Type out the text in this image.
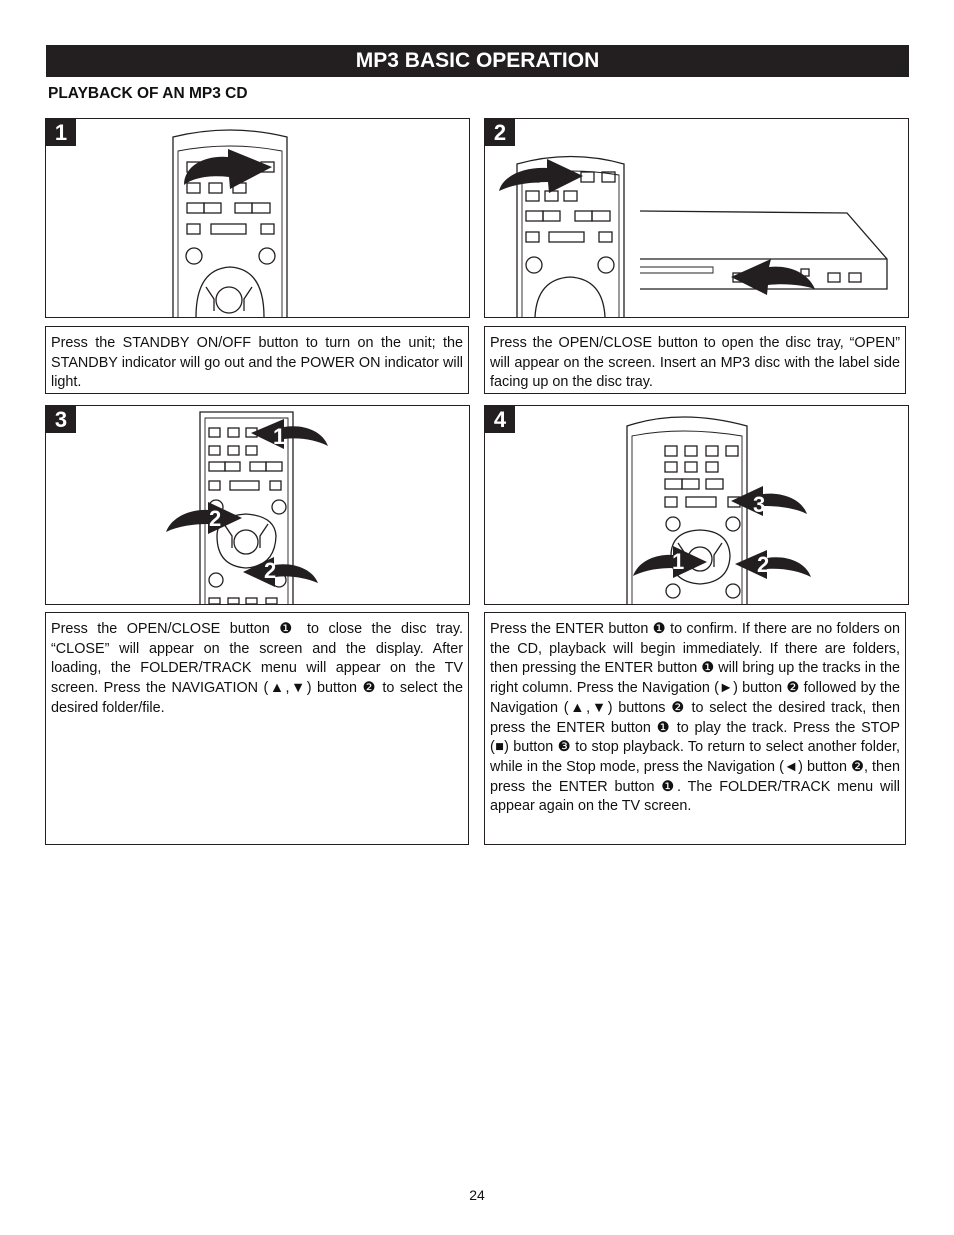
MP3 BASIC OPERATION
PLAYBACK OF AN MP3 CD
1
Press the STANDBY ON/OFF button to turn on the unit; the STANDBY indicator will go out and the POWER ON indicator will light.
2
Press the OPEN/CLOSE button to open the disc tray, “OPEN” will appear on the screen. Insert an MP3 disc with the label side facing up on the disc tray.
3
1
2
2
Press the OPEN/CLOSE button ❶ to close the disc tray. “CLOSE” will appear on the screen and the display. After loading, the FOLDER/TRACK menu will appear on the TV screen. Press the NAVIGATION (▲,▼) button ❷ to select the desired folder/file.
4
3
1	2
Press the ENTER button ❶ to confirm. If there are no folders on the CD, playback will begin immediately. If there are folders, then pressing the ENTER button ❶ will bring up the tracks in the right column. Press the Navigation (►) button ❷ followed by the Navigation (▲,▼) buttons ❷ to select the desired track, then press the ENTER button ❶ to play the track. Press the STOP (■) button ❸ to stop playback. To return to select another folder, while in the Stop mode, press the Navigation (◄) button ❷, then press the ENTER button ❶. The FOLDER/TRACK menu will appear again on the TV screen.
24
